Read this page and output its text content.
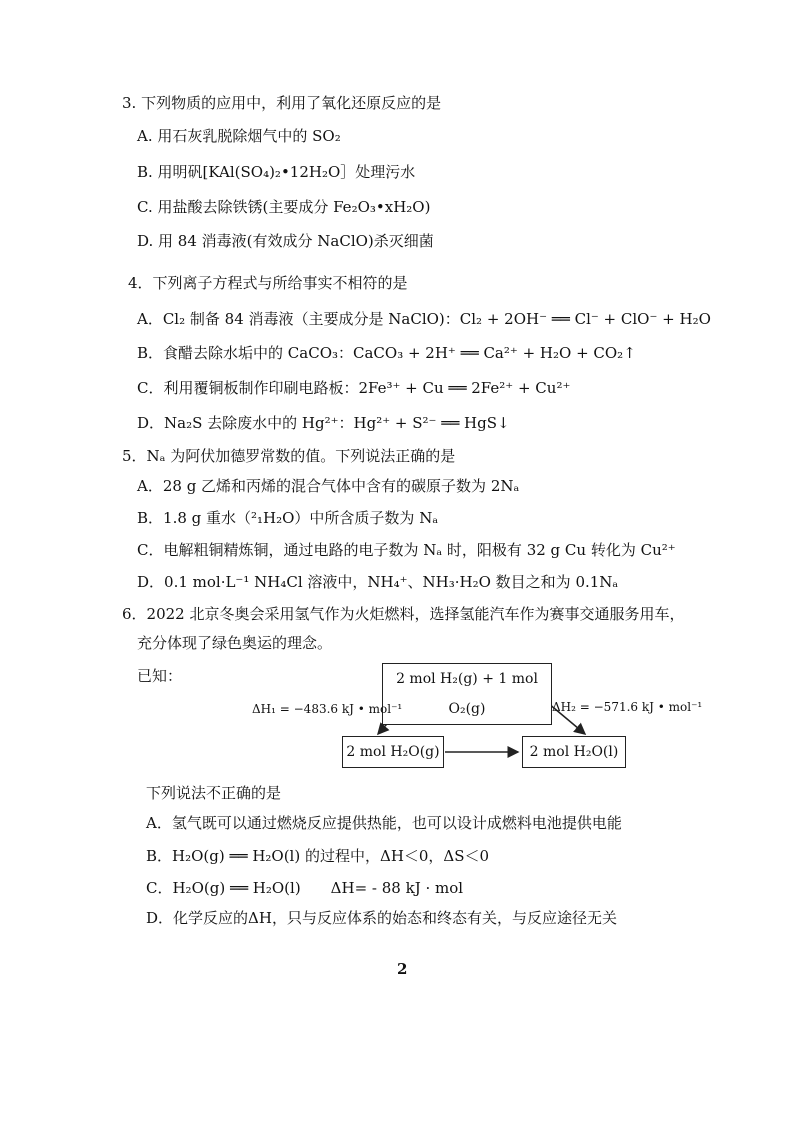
3. 下列物质的应用中，利用了氧化还原反应的是
A. 用石灰乳脱除烟气中的 SO₂
B. 用明矾[KAl(SO₄)₂•12H₂O］处理污水
C. 用盐酸去除铁锈(主要成分 Fe₂O₃•xH₂O)
D. 用 84 消毒液(有效成分 NaClO)杀灭细菌
4．下列离子方程式与所给事实不相符的是
A．Cl₂ 制备 84 消毒液（主要成分是 NaClO)：Cl₂ + 2OH⁻ ══ Cl⁻ + ClO⁻ + H₂O
B．食醋去除水垢中的 CaCO₃：CaCO₃ + 2H⁺ ══ Ca²⁺ + H₂O + CO₂↑
C．利用覆铜板制作印刷电路板：2Fe³⁺ + Cu ══ 2Fe²⁺ + Cu²⁺
D．Na₂S 去除废水中的 Hg²⁺：Hg²⁺ + S²⁻ ══ HgS↓
5．Nₐ 为阿伏加德罗常数的值。下列说法正确的是
A．28 g 乙烯和丙烯的混合气体中含有的碳原子数为 2Nₐ
B．1.8 g 重水（²₁H₂O）中所含质子数为 Nₐ
C．电解粗铜精炼铜，通过电路的电子数为 Nₐ 时，阳极有 32 g Cu 转化为 Cu²⁺
D．0.1 mol·L⁻¹ NH₄Cl 溶液中，NH₄⁺、NH₃·H₂O 数目之和为 0.1Nₐ
6．2022 北京冬奥会采用氢气作为火炬燃料，选择氢能汽车作为赛事交通服务用车，
充分体现了绿色奥运的理念。
已知：	2 mol H₂(g) + 1 mol O₂(g)
2 mol H₂O(g)	2 mol H₂O(l)
ΔH₁ = −483.6 kJ • mol⁻¹	ΔH₂ = −571.6 kJ • mol⁻¹
下列说法不正确的是
A．氢气既可以通过燃烧反应提供热能，也可以设计成燃料电池提供电能
B．H₂O(g) ══ H₂O(l) 的过程中，ΔH＜0，ΔS＜0
C．H₂O(g) ══ H₂O(l)　　ΔH= - 88 kJ · mol
D．化学反应的ΔH，只与反应体系的始态和终态有关，与反应途径无关
2
